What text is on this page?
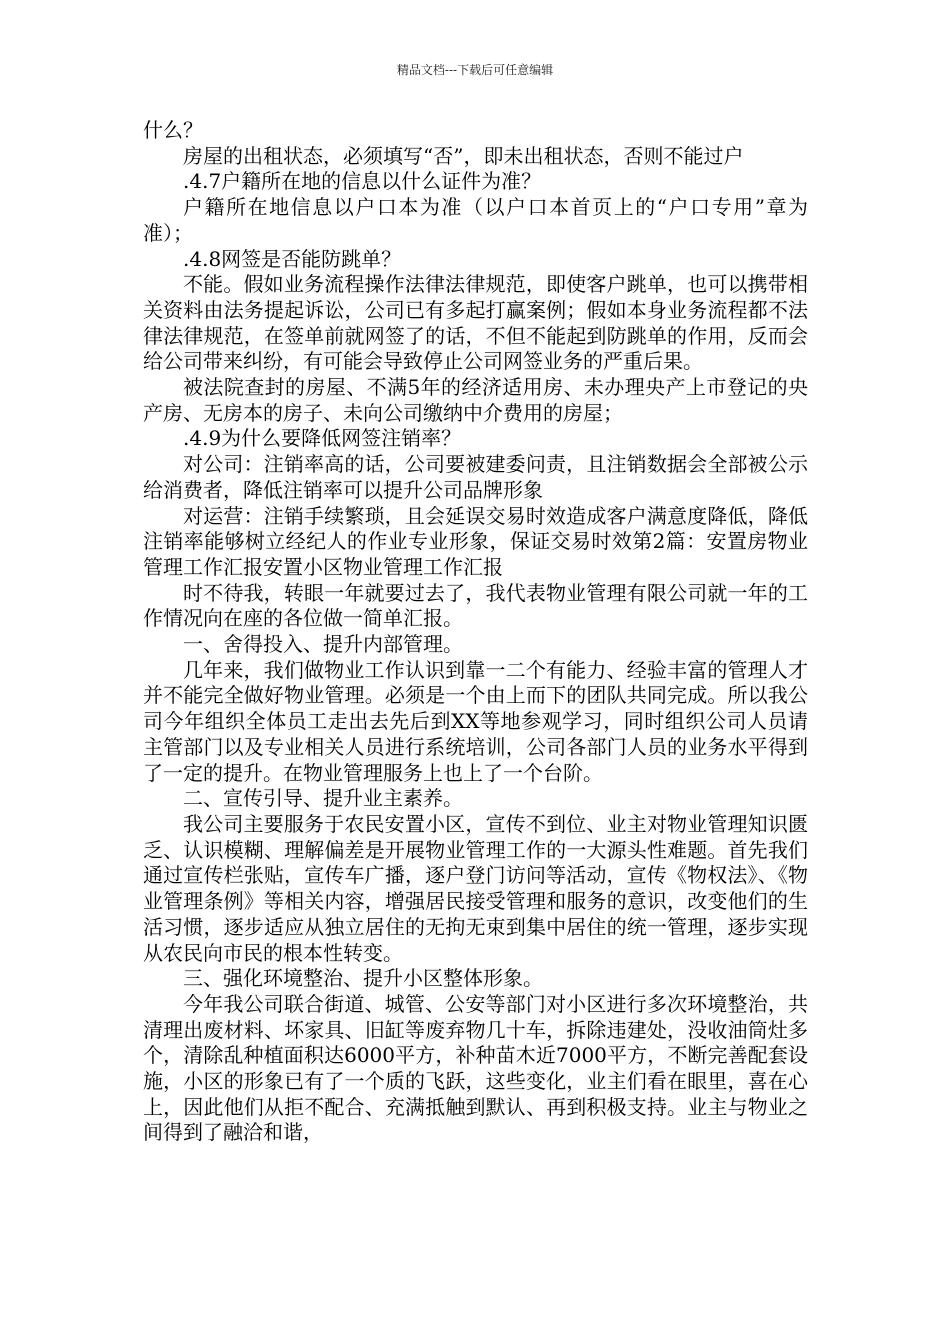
精品文档---下载后可任意编辑

什么？

房屋的出租状态，必须填写“否”，即未出租状态，否则不能过户

.4.7户籍所在地的信息以什么证件为准？

户籍所在地信息以户口本为准（以户口本首页上的“户口专用”章为准）；

.4.8网签是否能防跳单？

不能。假如业务流程操作法律法律规范，即使客户跳单，也可以携带相关资料由法务提起诉讼，公司已有多起打赢案例；假如本身业务流程都不法律法律规范，在签单前就网签了的话，不但不能起到防跳单的作用，反而会给公司带来纠纷，有可能会导致停止公司网签业务的严重后果。

被法院查封的房屋、不满5年的经济适用房、未办理央产上市登记的央产房、无房本的房子、未向公司缴纳中介费用的房屋；

.4.9为什么要降低网签注销率？

对公司：注销率高的话，公司要被建委问责，且注销数据会全部被公示给消费者，降低注销率可以提升公司品牌形象

对运营：注销手续繁琐，且会延误交易时效造成客户满意度降低，降低注销率能够树立经纪人的作业专业形象，保证交易时效第2篇：安置房物业管理工作汇报安置小区物业管理工作汇报

时不待我，转眼一年就要过去了，我代表物业管理有限公司就一年的工作情况向在座的各位做一简单汇报。

一、舍得投入、提升内部管理。

几年来，我们做物业工作认识到靠一二个有能力、经验丰富的管理人才并不能完全做好物业管理。必须是一个由上而下的团队共同完成。所以我公司今年组织全体员工走出去先后到XX等地参观学习，同时组织公司人员请主管部门以及专业相关人员进行系统培训，公司各部门人员的业务水平得到了一定的提升。在物业管理服务上也上了一个台阶。

二、宣传引导、提升业主素养。

我公司主要服务于农民安置小区，宣传不到位、业主对物业管理知识匮乏、认识模糊、理解偏差是开展物业管理工作的一大源头性难题。首先我们通过宣传栏张贴，宣传车广播，逐户登门访问等活动，宣传《物权法》、《物业管理条例》等相关内容，增强居民接受管理和服务的意识，改变他们的生活习惯，逐步适应从独立居住的无拘无束到集中居住的统一管理，逐步实现从农民向市民的根本性转变。

三、强化环境整治、提升小区整体形象。

今年我公司联合街道、城管、公安等部门对小区进行多次环境整治，共清理出废材料、坏家具、旧缸等废弃物几十车，拆除违建处，没收油筒灶多个，清除乱种植面积达6000平方，补种苗木近7000平方，不断完善配套设施，小区的形象已有了一个质的飞跃，这些变化，业主们看在眼里，喜在心上，因此他们从拒不配合、充满抵触到默认、再到积极支持。业主与物业之间得到了融洽和谐，
